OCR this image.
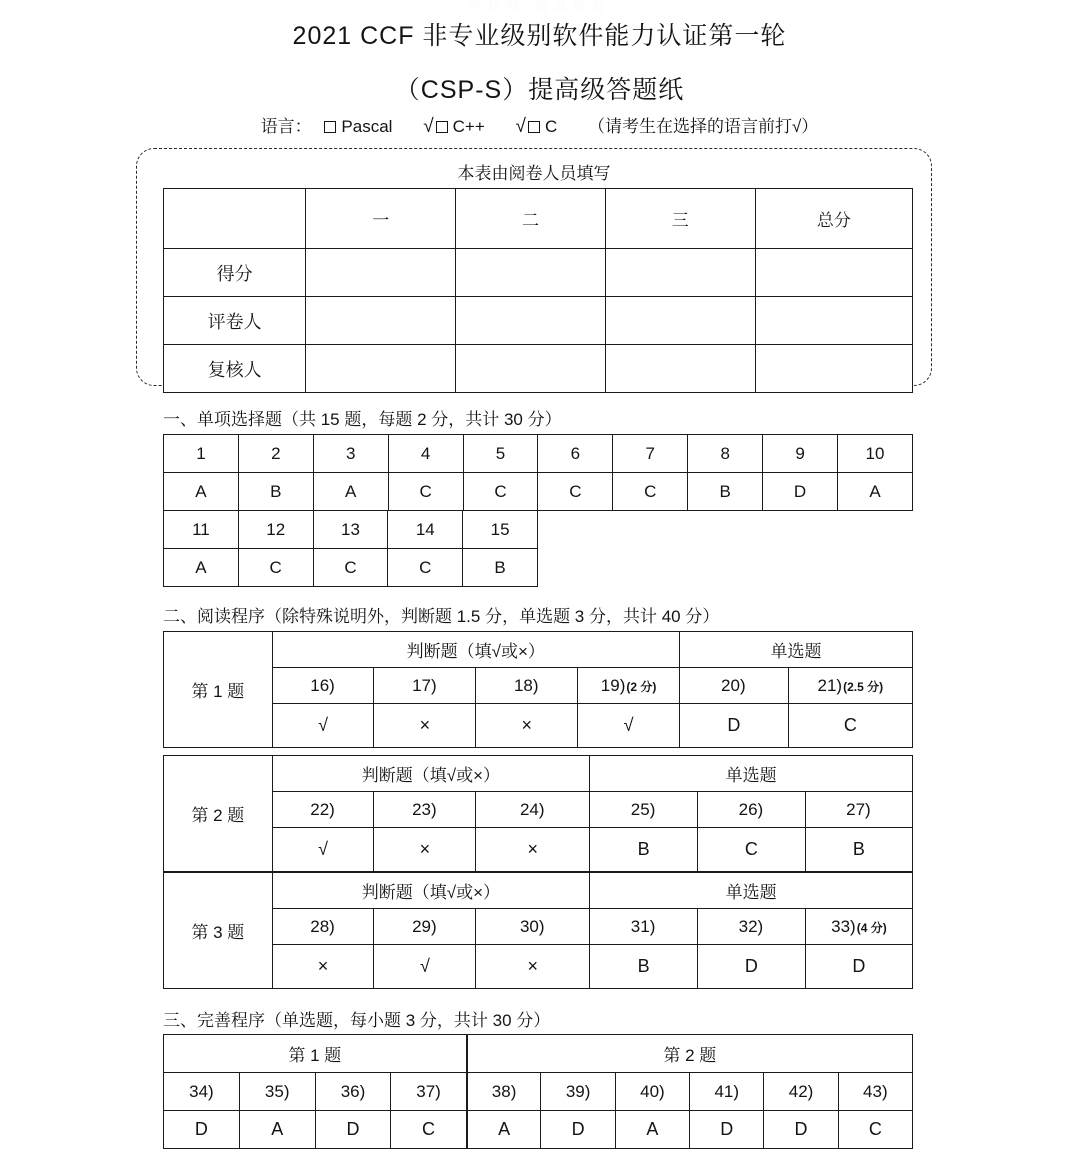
学科网 精品资源
2021 CCF 非专业级别软件能力认证第一轮
（CSP-S）提高级答题纸
语言： Pascal √ C++ √ C （请考生在选择的语言前打√）
本表由阅卷人员填写
	一	二	三	总分
得分				
评卷人				
复核人				
一、单项选择题（共 15 题，每题 2 分，共计 30 分）
1	2	3	4	5	6	7	8	9	10
A	B	A	C	C	C	C	B	D	A
11	12	13	14	15
A	C	C	C	B
二、阅读程序（除特殊说明外，判断题 1.5 分，单选题 3 分，共计 40 分）
第 1 题	判断题（填√或×）				单选题	
	16)	17)	18)	19)(2 分)	20)	21)(2.5 分)
	√	×	×	√	D	C
第 2 题	判断题（填√或×）			单选题		
	22)	23)	24)	25)	26)	27)
	√	×	×	B	C	B
第 3 题	判断题（填√或×）			单选题		
	28)	29)	30)	31)	32)	33)(4 分)
	×	√	×	B	D	D
三、完善程序（单选题，每小题 3 分，共计 30 分）
第 1 题				第 2 题					
34)	35)	36)	37)	38)	39)	40)	41)	42)	43)
D	A	D	C	A	D	A	D	D	C
